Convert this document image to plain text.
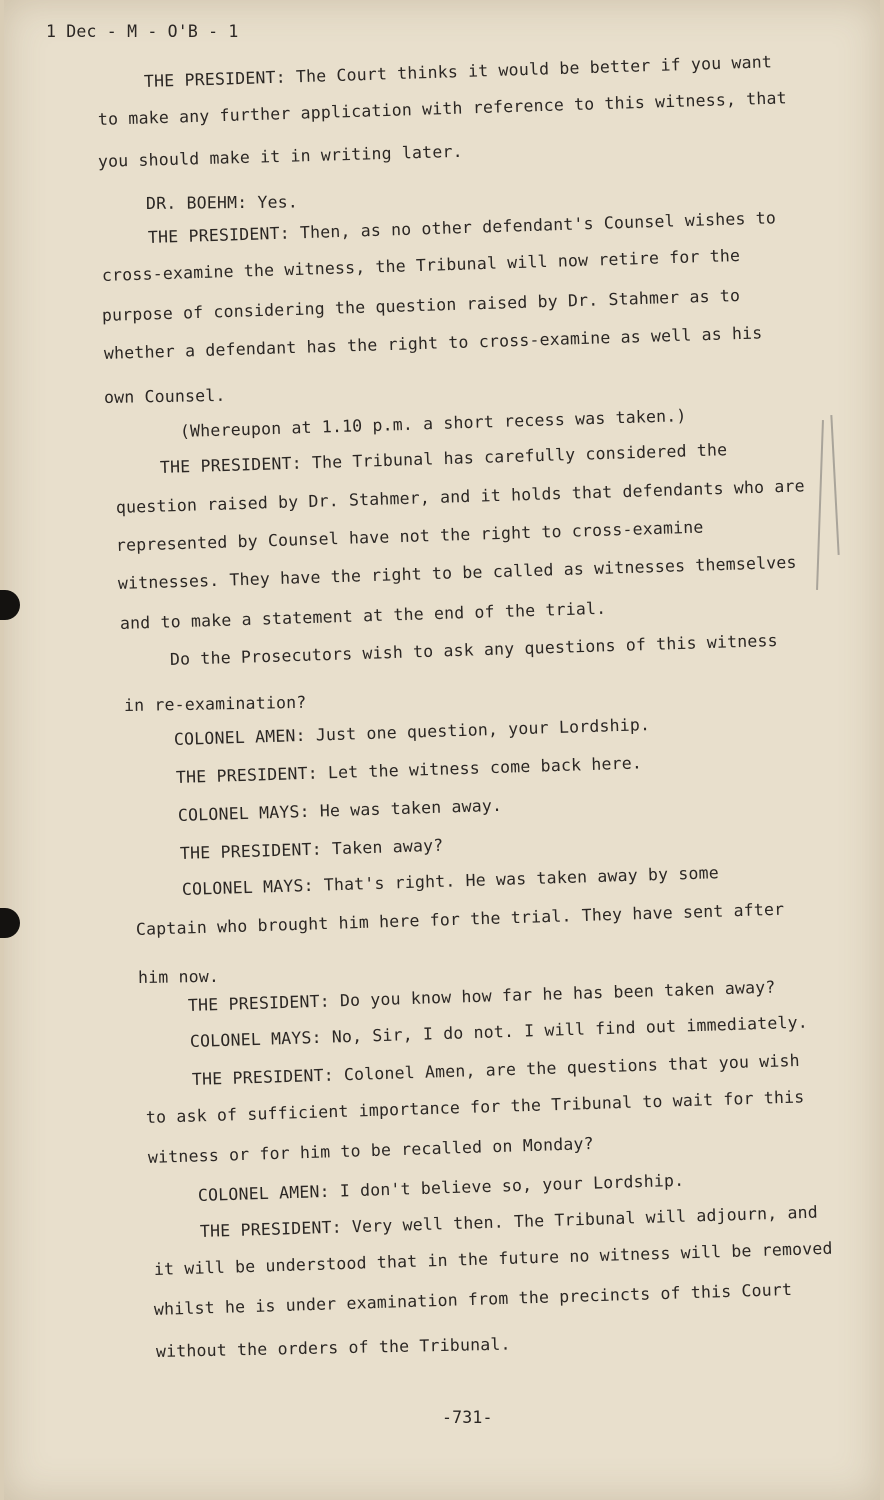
1 Dec - M - O'B - 1
THE PRESIDENT: The Court thinks it would be better if you want
to make any further application with reference to this witness, that
you should make it in writing later.
DR. BOEHM: Yes.
THE PRESIDENT: Then, as no other defendant's Counsel wishes to
cross-examine the witness, the Tribunal will now retire for the
purpose of considering the question raised by Dr. Stahmer as to
whether a defendant has the right to cross-examine as well as his
own Counsel.
(Whereupon at 1.10 p.m. a short recess was taken.)
THE PRESIDENT: The Tribunal has carefully considered the
question raised by Dr. Stahmer, and it holds that defendants who are
represented by Counsel have not the right to cross-examine
witnesses. They have the right to be called as witnesses themselves
and to make a statement at the end of the trial.
Do the Prosecutors wish to ask any questions of this witness
in re-examination?
COLONEL AMEN: Just one question, your Lordship.
THE PRESIDENT: Let the witness come back here.
COLONEL MAYS: He was taken away.
THE PRESIDENT: Taken away?
COLONEL MAYS: That's right. He was taken away by some
Captain who brought him here for the trial. They have sent after
him now.
THE PRESIDENT: Do you know how far he has been taken away?
COLONEL MAYS: No, Sir, I do not. I will find out immediately.
THE PRESIDENT: Colonel Amen, are the questions that you wish
to ask of sufficient importance for the Tribunal to wait for this
witness or for him to be recalled on Monday?
COLONEL AMEN: I don't believe so, your Lordship.
THE PRESIDENT: Very well then. The Tribunal will adjourn, and
it will be understood that in the future no witness will be removed
whilst he is under examination from the precincts of this Court
without the orders of the Tribunal.
-731-
